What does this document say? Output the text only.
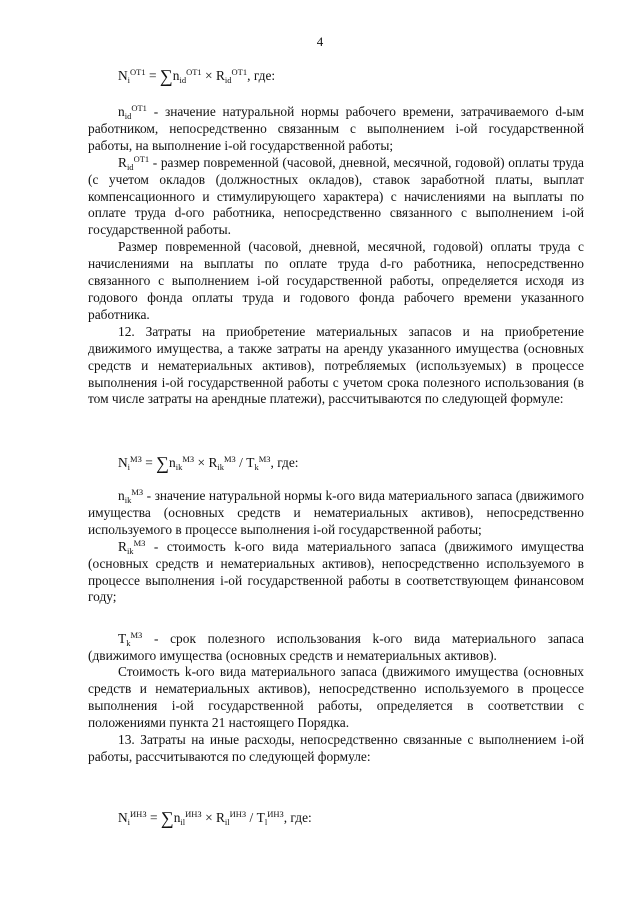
4
$N_i^{ОТ1} = \sum n_{id}^{ОТ1} \times R_{id}^{ОТ1}$, где:

$n_{id}^{ОТ1}$ - значение натуральной нормы рабочего времени, затрачиваемого d-ым работником, непосредственно связанным с выполнением i-ой государственной работы, на выполнение i-ой государственной работы;

$R_{id}^{ОТ1}$ - размер повременной (часовой, дневной, месячной, годовой) оплаты труда (с учетом окладов (должностных окладов), ставок заработной платы, выплат компенсационного и стимулирующего характера) с начислениями на выплаты по оплате труда d-ого работника, непосредственно связанного с выполнением i-ой государственной работы.

Размер повременной (часовой, дневной, месячной, годовой) оплаты труда с начислениями на выплаты по оплате труда d-го работника, непосредственно связанного с выполнением i-ой государственной работы, определяется исходя из годового фонда оплаты труда и годового фонда рабочего времени указанного работника.

12. Затраты на приобретение материальных запасов и на приобретение движимого имущества, а также затраты на аренду указанного имущества (основных средств и нематериальных активов), потребляемых (используемых) в процессе выполнения i-ой государственной работы с учетом срока полезного использования (в том числе затраты на арендные платежи), рассчитываются по следующей формуле:

$N_i^{МЗ} = \sum n_{ik}^{МЗ} \times R_{ik}^{МЗ} / T_k^{МЗ}$, где:

$n_{ik}^{МЗ}$ - значение натуральной нормы k-ого вида материального запаса (движимого имущества (основных средств и нематериальных активов), непосредственно используемого в процессе выполнения i-ой государственной работы;

$R_{ik}^{МЗ}$ - стоимость k-ого вида материального запаса (движимого имущества (основных средств и нематериальных активов), непосредственно используемого в процессе выполнения i-ой государственной работы в соответствующем финансовом году;

$T_k^{МЗ}$ - срок полезного использования k-ого вида материального запаса (движимого имущества (основных средств и нематериальных активов).

Стоимость k-ого вида материального запаса (движимого имущества (основных средств и нематериальных активов), непосредственно используемого в процессе выполнения i-ой государственной работы, определяется в соответствии с положениями пункта 21 настоящего Порядка.

13. Затраты на иные расходы, непосредственно связанные с выполнением i-ой работы, рассчитываются по следующей формуле:

$N_i^{ИНЗ} = \sum n_{il}^{ИНЗ} \times R_{il}^{ИНЗ} / T_l^{ИНЗ}$, где:
